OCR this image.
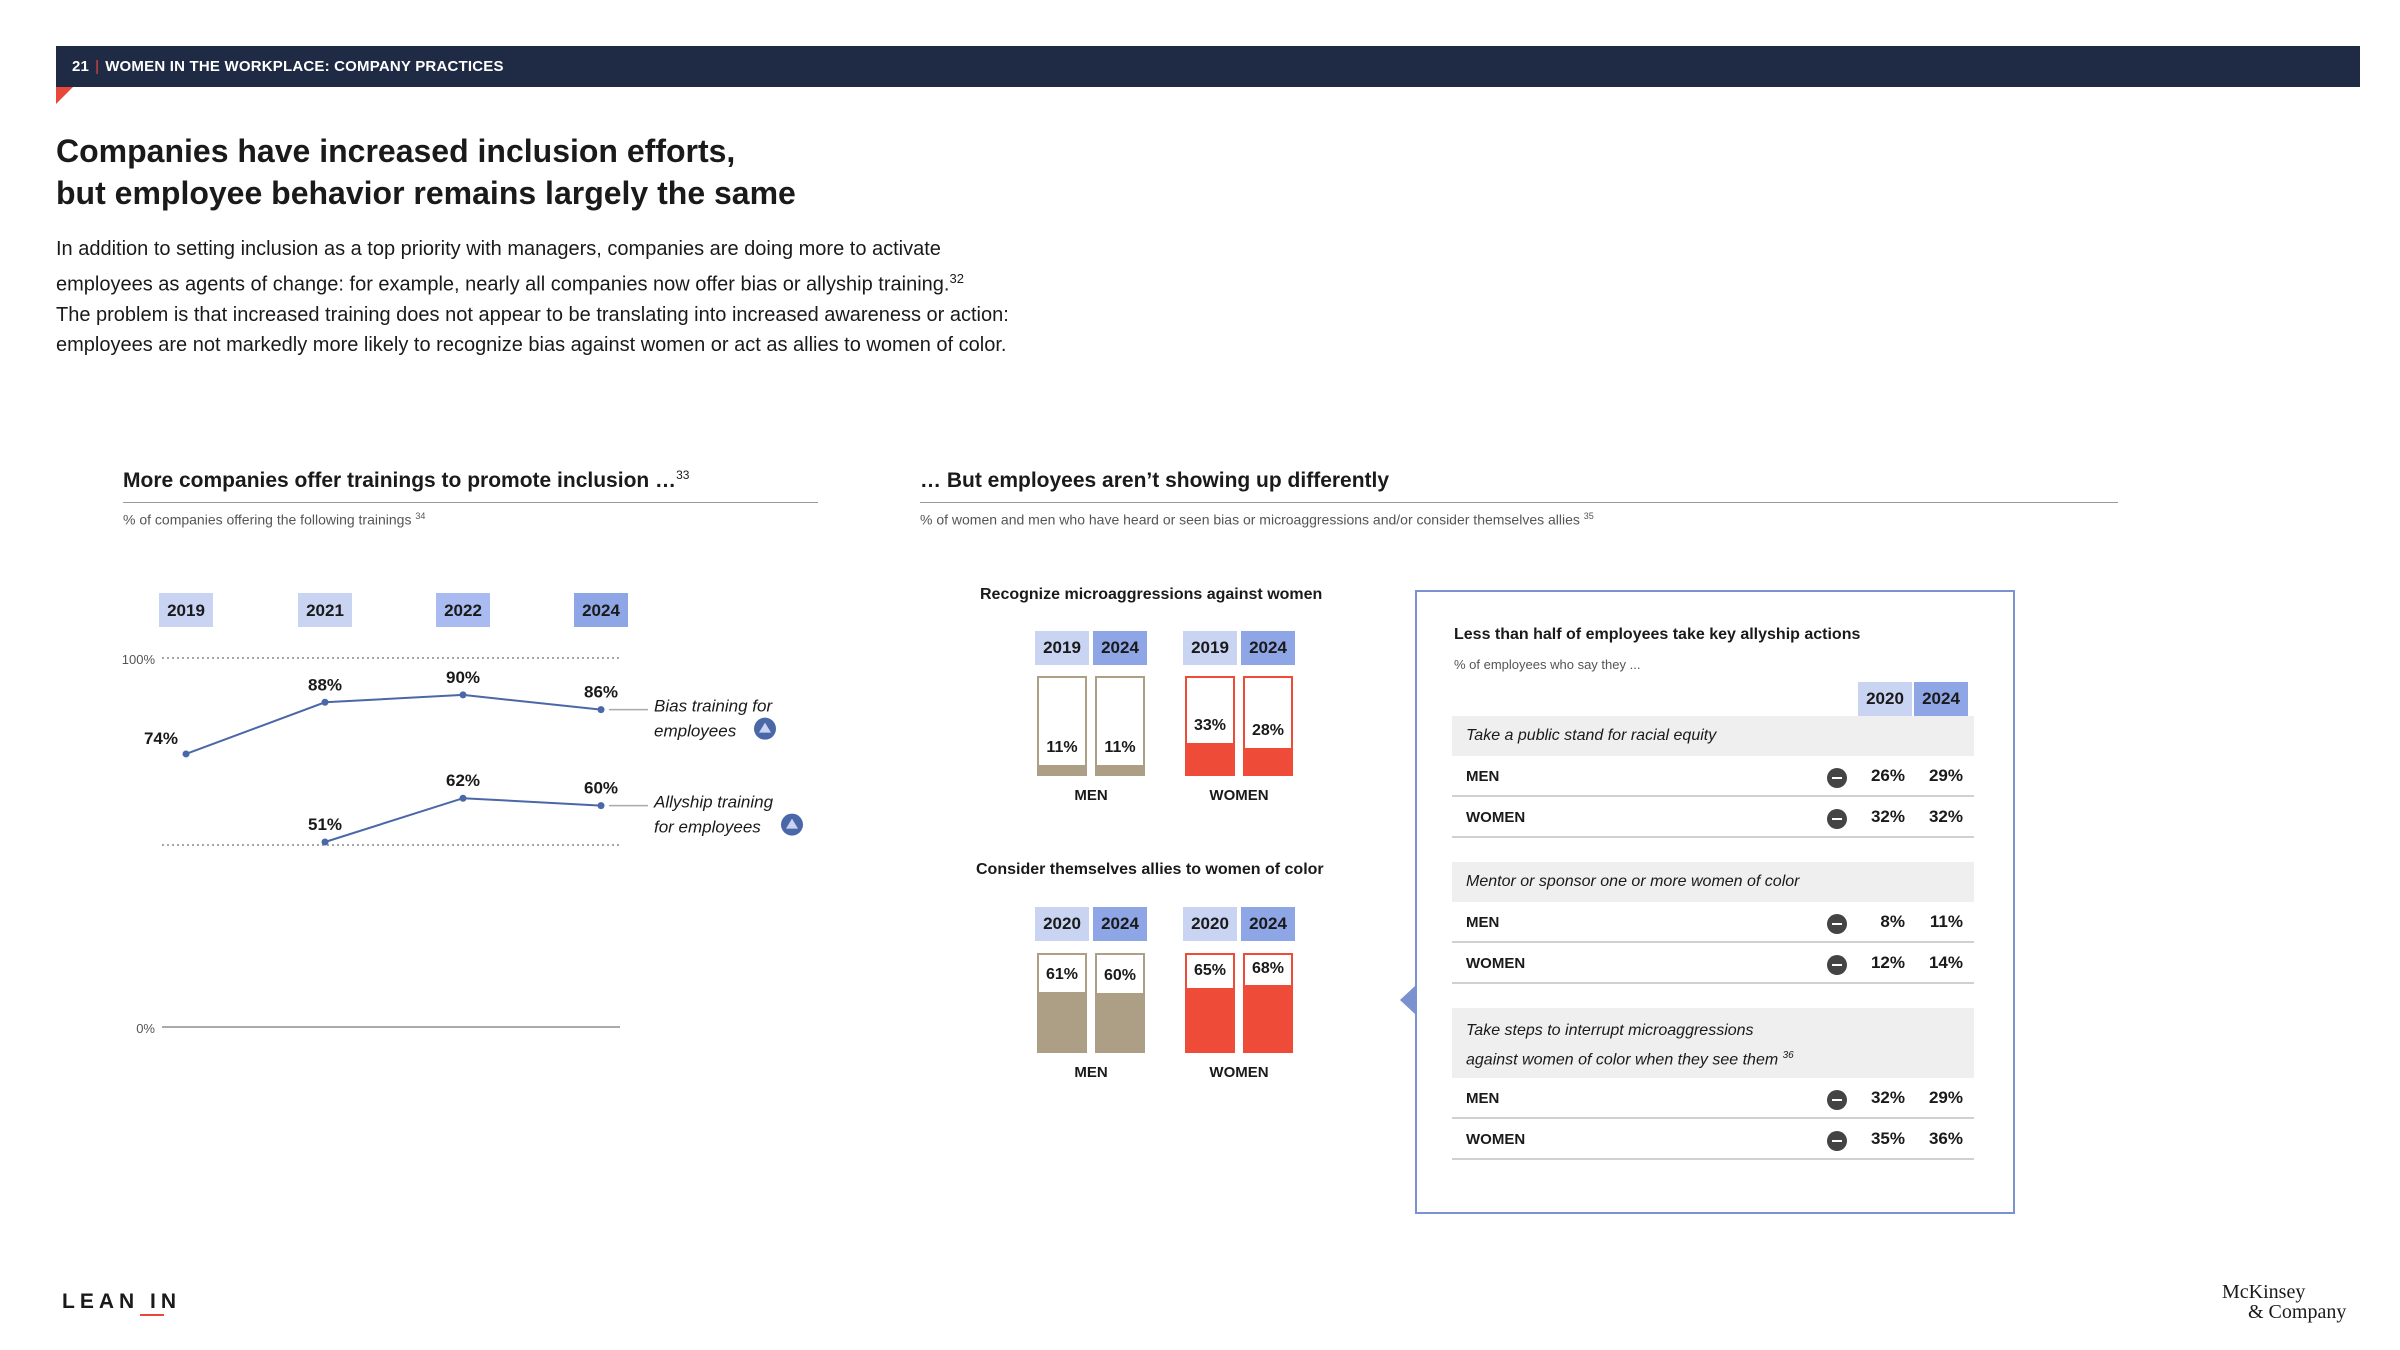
21 | WOMEN IN THE WORKPLACE: COMPANY PRACTICES
Companies have increased inclusion efforts,
but employee behavior remains largely the same
In addition to setting inclusion as a top priority with managers, companies are doing more to activate
employees as agents of change: for example, nearly all companies now offer bias or allyship training.$^{32}$
The problem is that increased training does not appear to be translating into increased awareness or action:
employees are not markedly more likely to recognize bias against women or act as allies to women of color.
More companies offer trainings to promote inclusion …$^{33}$
% of companies offering the following trainings $^{34}$
2019	2021	2022	2024
100%
0%
74%
88%	90%
86%
Bias training for
employees
51%
62%	60%
Allyship training
for employees
… But employees aren’t showing up differently
% of women and men who have heard or seen bias or microaggressions and/or consider themselves allies $^{35}$
Recognize microaggressions against women
Consider themselves allies to women of color
2019
11%
2024
11%
MEN
2019
33%
2024
28%
WOMEN
2020
61%
2024
60%
MEN
2020
65%
2024
68%
WOMEN
Less than half of employees take key allyship actions
% of employees who say they ...
2020	2024
Take a public stand for racial equity
Mentor or sponsor one or more women of color
Take steps to interrupt microaggressions
against women of color when they see them $^{36}$
MEN	26%	29%
WOMEN	32%	32%
MEN	8%	11%
WOMEN	12%	14%
MEN	32%	29%
WOMEN	35%	36%
LEAN IN	McKinsey
& Company
